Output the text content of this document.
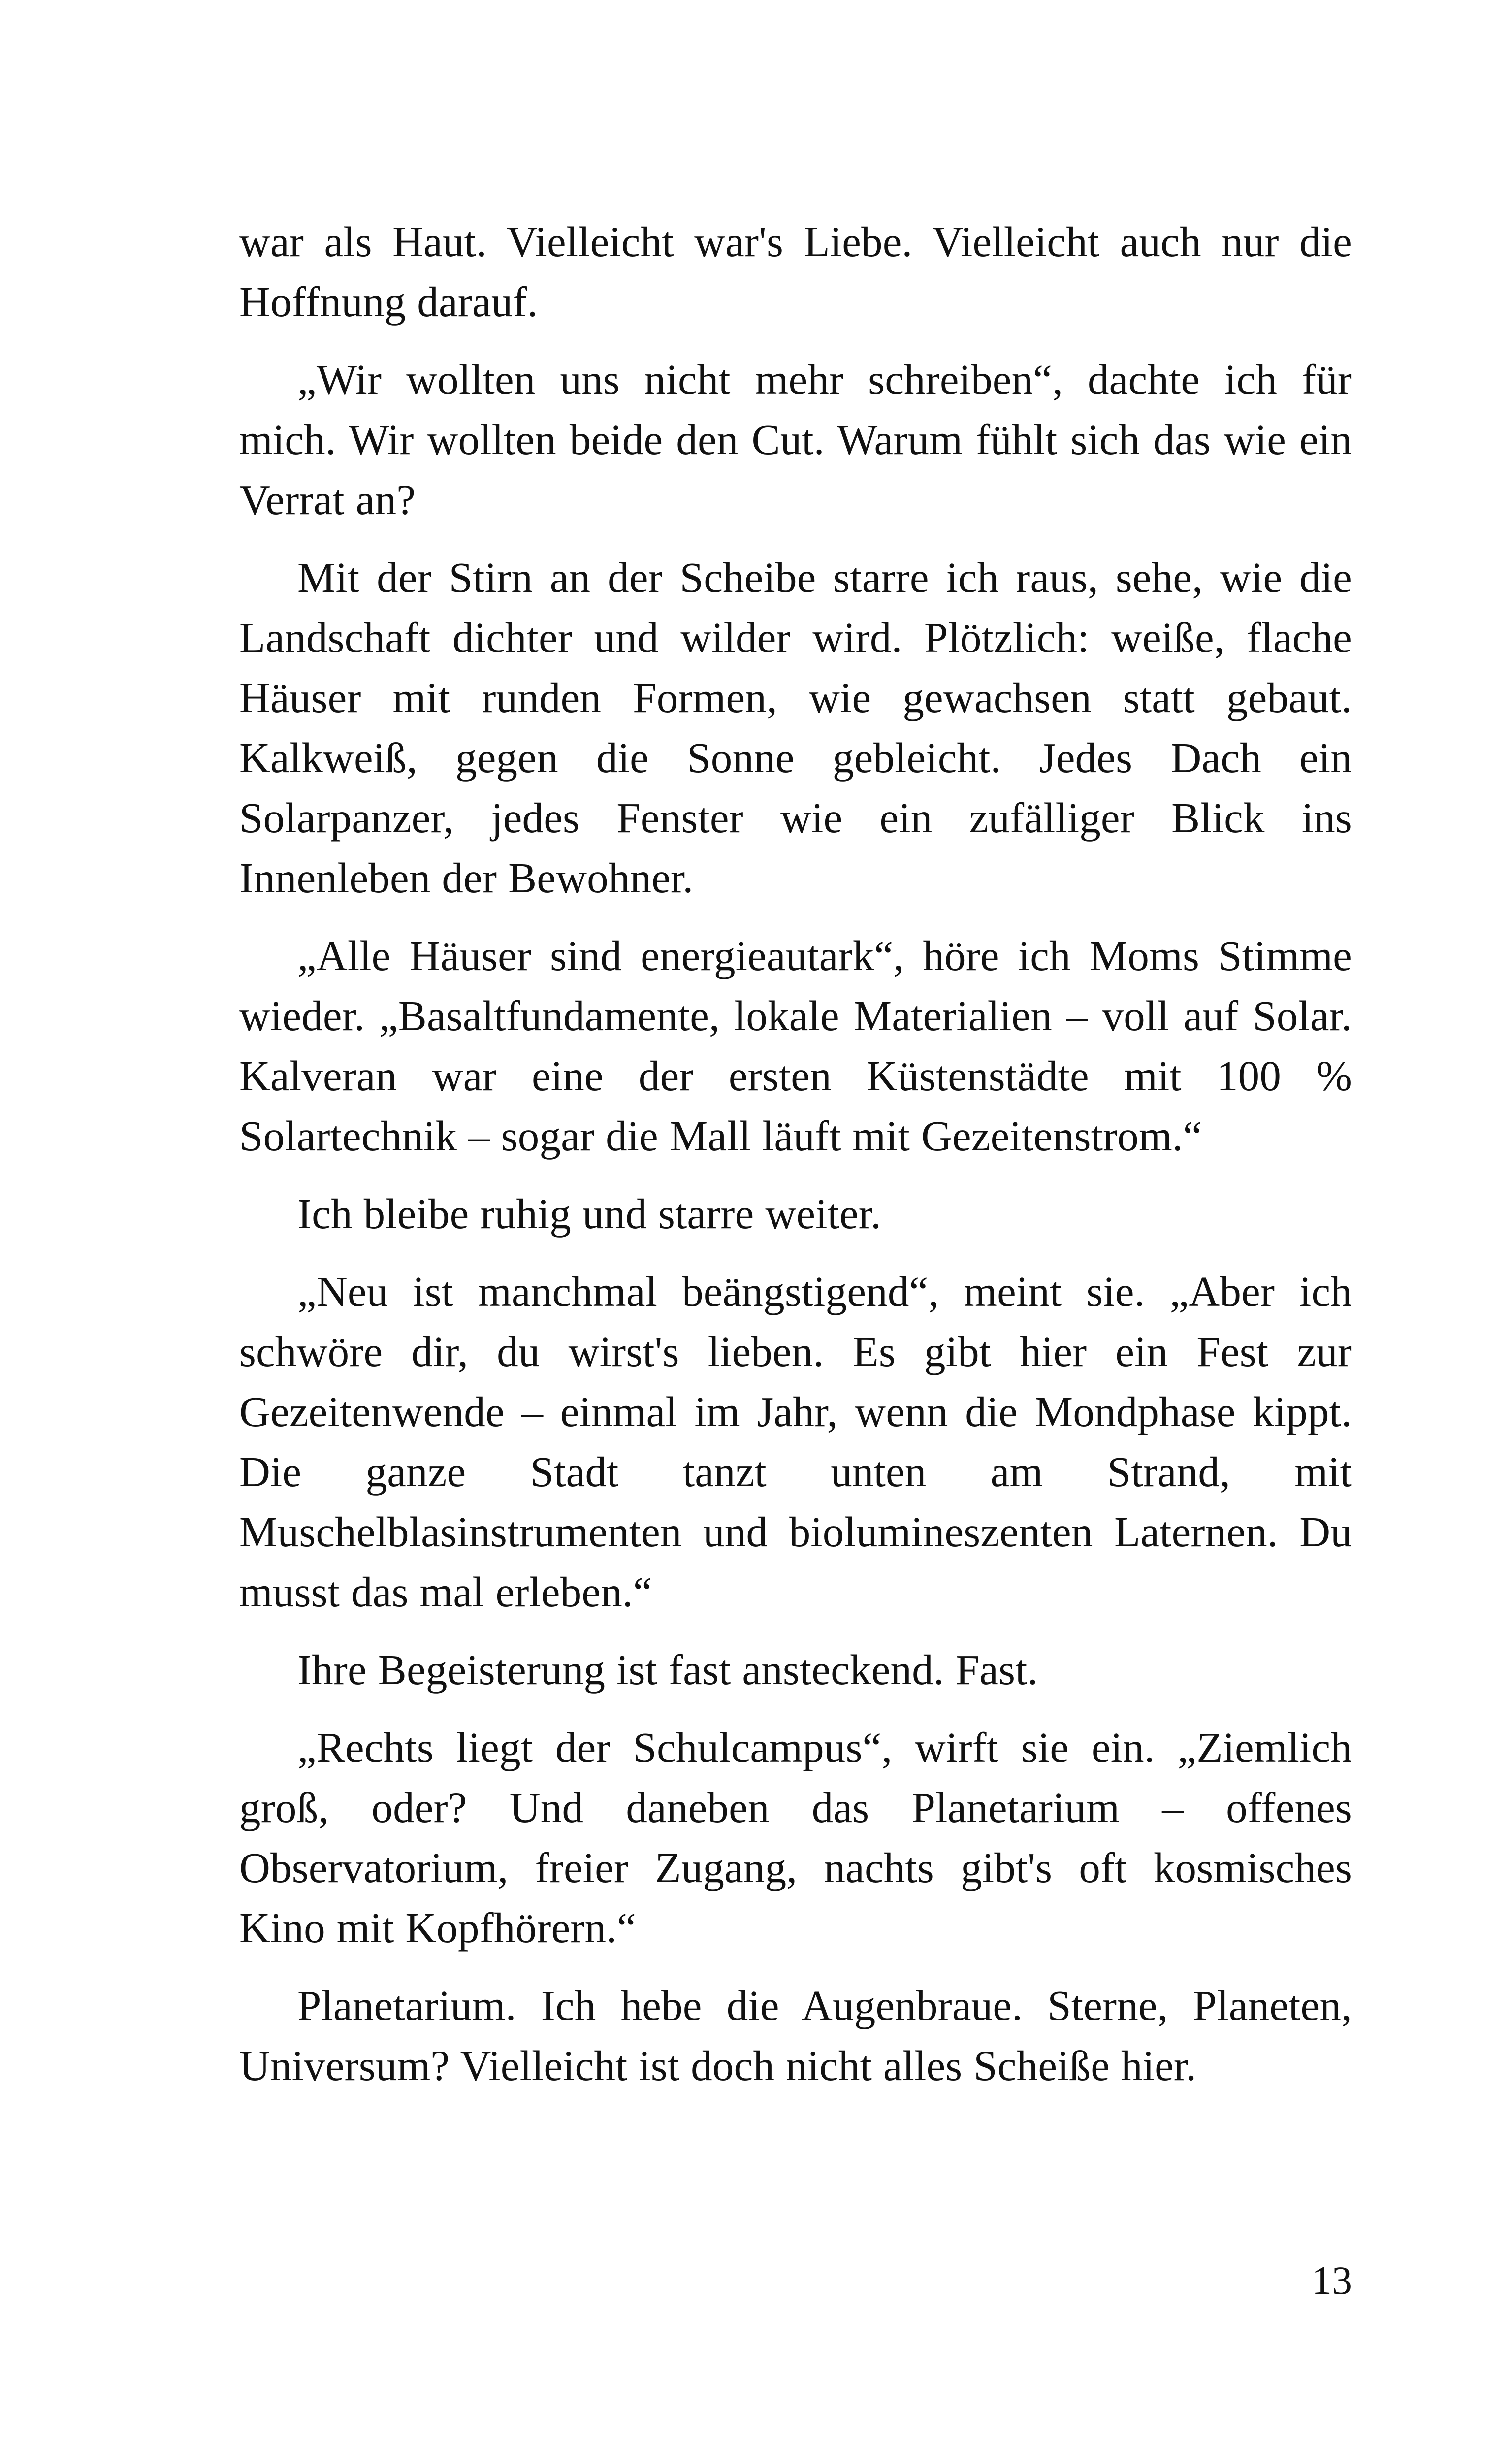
war als Haut. Vielleicht war's Liebe. Vielleicht auch nur die Hoffnung darauf.

„Wir wollten uns nicht mehr schreiben“, dachte ich für mich. Wir wollten beide den Cut. Warum fühlt sich das wie ein Verrat an?

Mit der Stirn an der Scheibe starre ich raus, sehe, wie die Landschaft dichter und wilder wird. Plötzlich: weiße, flache Häuser mit runden Formen, wie gewachsen statt gebaut. Kalkweiß, gegen die Sonne gebleicht. Jedes Dach ein Solarpanzer, jedes Fenster wie ein zufälliger Blick ins Innenleben der Bewohner.

„Alle Häuser sind energieautark“, höre ich Moms Stimme wieder. „Basaltfundamente, lokale Materialien – voll auf Solar. Kalveran war eine der ersten Küstenstädte mit 100 % Solartechnik – sogar die Mall läuft mit Gezeitenstrom.“

Ich bleibe ruhig und starre weiter.

„Neu ist manchmal beängstigend“, meint sie. „Aber ich schwöre dir, du wirst's lieben. Es gibt hier ein Fest zur Gezeitenwende – einmal im Jahr, wenn die Mondphase kippt. Die ganze Stadt tanzt unten am Strand, mit Muschelblasinstrumenten und biolumineszenten Laternen. Du musst das mal erleben.“

Ihre Begeisterung ist fast ansteckend. Fast.

„Rechts liegt der Schulcampus“, wirft sie ein. „Ziemlich groß, oder? Und daneben das Planetarium – offenes Observatorium, freier Zugang, nachts gibt's oft kosmisches Kino mit Kopfhörern.“

Planetarium. Ich hebe die Augenbraue. Sterne, Planeten, Universum? Vielleicht ist doch nicht alles Scheiße hier.

13
